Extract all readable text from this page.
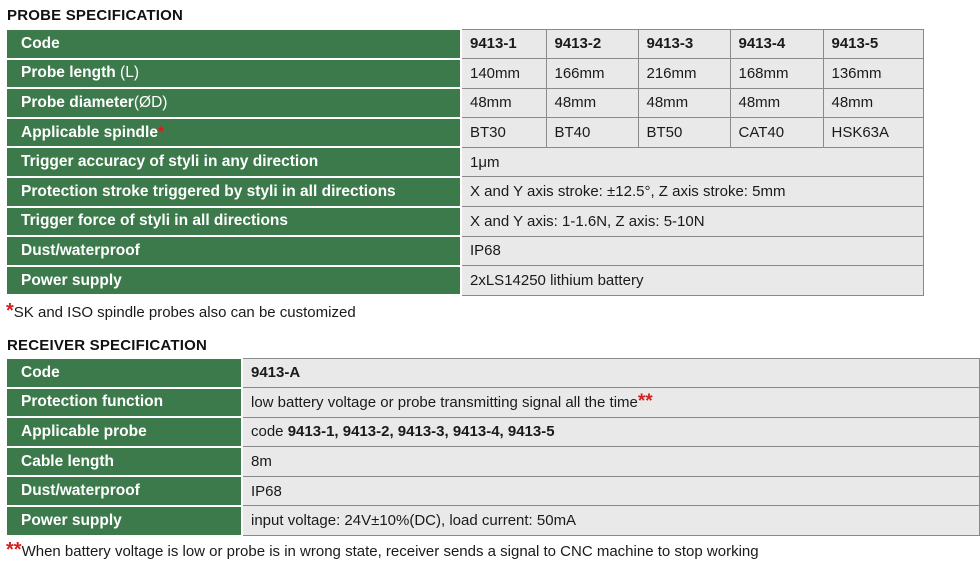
PROBE SPECIFICATION
Code	9413-1	9413-2	9413-3	9413-4	9413-5
Probe length (L)	140mm	166mm	216mm	168mm	136mm
Probe diameter(ØD)	48mm	48mm	48mm	48mm	48mm
Applicable spindle*	BT30	BT40	BT50	CAT40	HSK63A
Trigger accuracy of styli in any direction	1μm				
Protection stroke triggered by styli in all directions	X and Y axis stroke: ±12.5°, Z axis stroke: 5mm				
Trigger force of styli in all directions	X and Y axis: 1-1.6N, Z axis: 5-10N				
Dust/waterproof	IP68				
Power supply	2xLS14250 lithium battery				
*SK and ISO spindle probes also can be customized
RECEIVER SPECIFICATION
Code	9413-A
Protection function	low battery voltage or probe transmitting signal all the time**
Applicable probe	code 9413-1, 9413-2, 9413-3, 9413-4, 9413-5
Cable length	8m
Dust/waterproof	IP68
Power supply	input voltage: 24V±10%(DC), load current: 50mA
**When battery voltage is low or probe is in wrong state, receiver sends a signal to CNC machine to stop working
